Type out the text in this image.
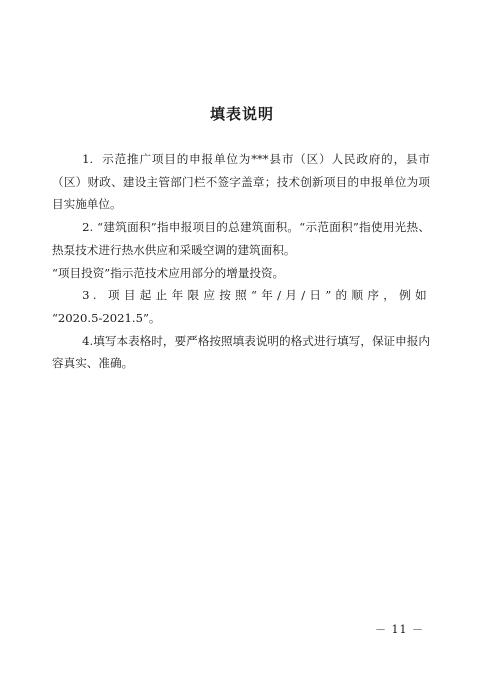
填表说明

1.  示范推广项目的申报单位为***县市（区）人民政府的，县市（区）财政、建设主管部门栏不签字盖章；技术创新项目的申报单位为项目实施单位。

2. “建筑面积”指申报项目的总建筑面积。“示范面积”指使用光热、热泵技术进行热水供应和采暖空调的建筑面积。

“项目投资”指示范技术应用部分的增量投资。

3. 项目起止年限应按照“年/月/日”的顺序，例如

“2020.5-2021.5”。

4.填写本表格时，要严格按照填表说明的格式进行填写，保证申报内容真实、准确。

－ 11 －
